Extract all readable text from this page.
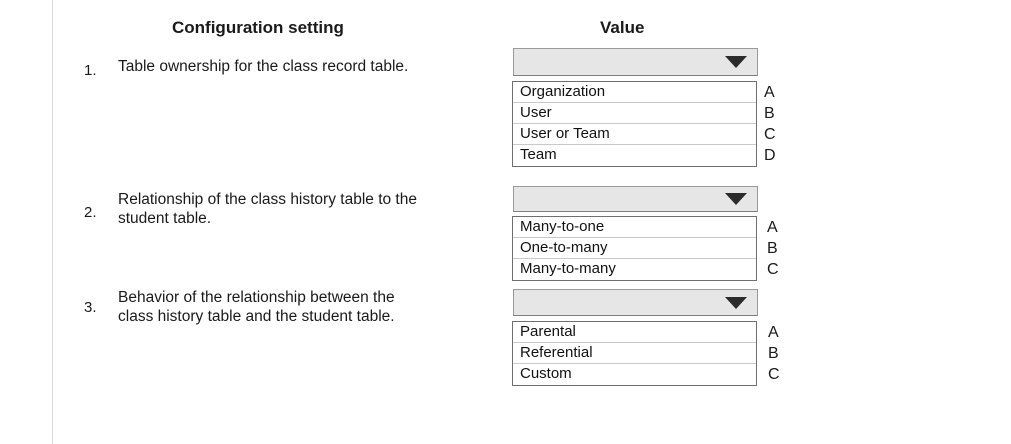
Configuration setting	Value
1. Table ownership for the class record table.
Organization
User
User or Team
Team
A
B
C
D
2.
Relationship of the class history table to the
student table.	Many-to-one
One-to-many
Many-to-many
A
B
C
3.
Behavior of the relationship between the
class history table and the student table.
Parental
Referential
Custom
A
B
C
